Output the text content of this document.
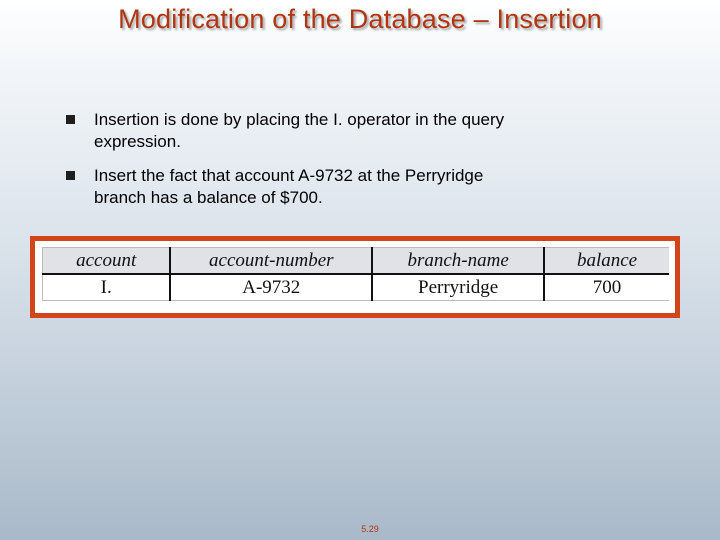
Modification of the Database – Insertion
Insertion is done by placing the I. operator in the query
expression.
Insert the fact that account A-9732 at the Perryridge
branch has a balance of $700.
account	account-number	branch-name	balance
I.	A-9732	Perryridge	700
5.29
